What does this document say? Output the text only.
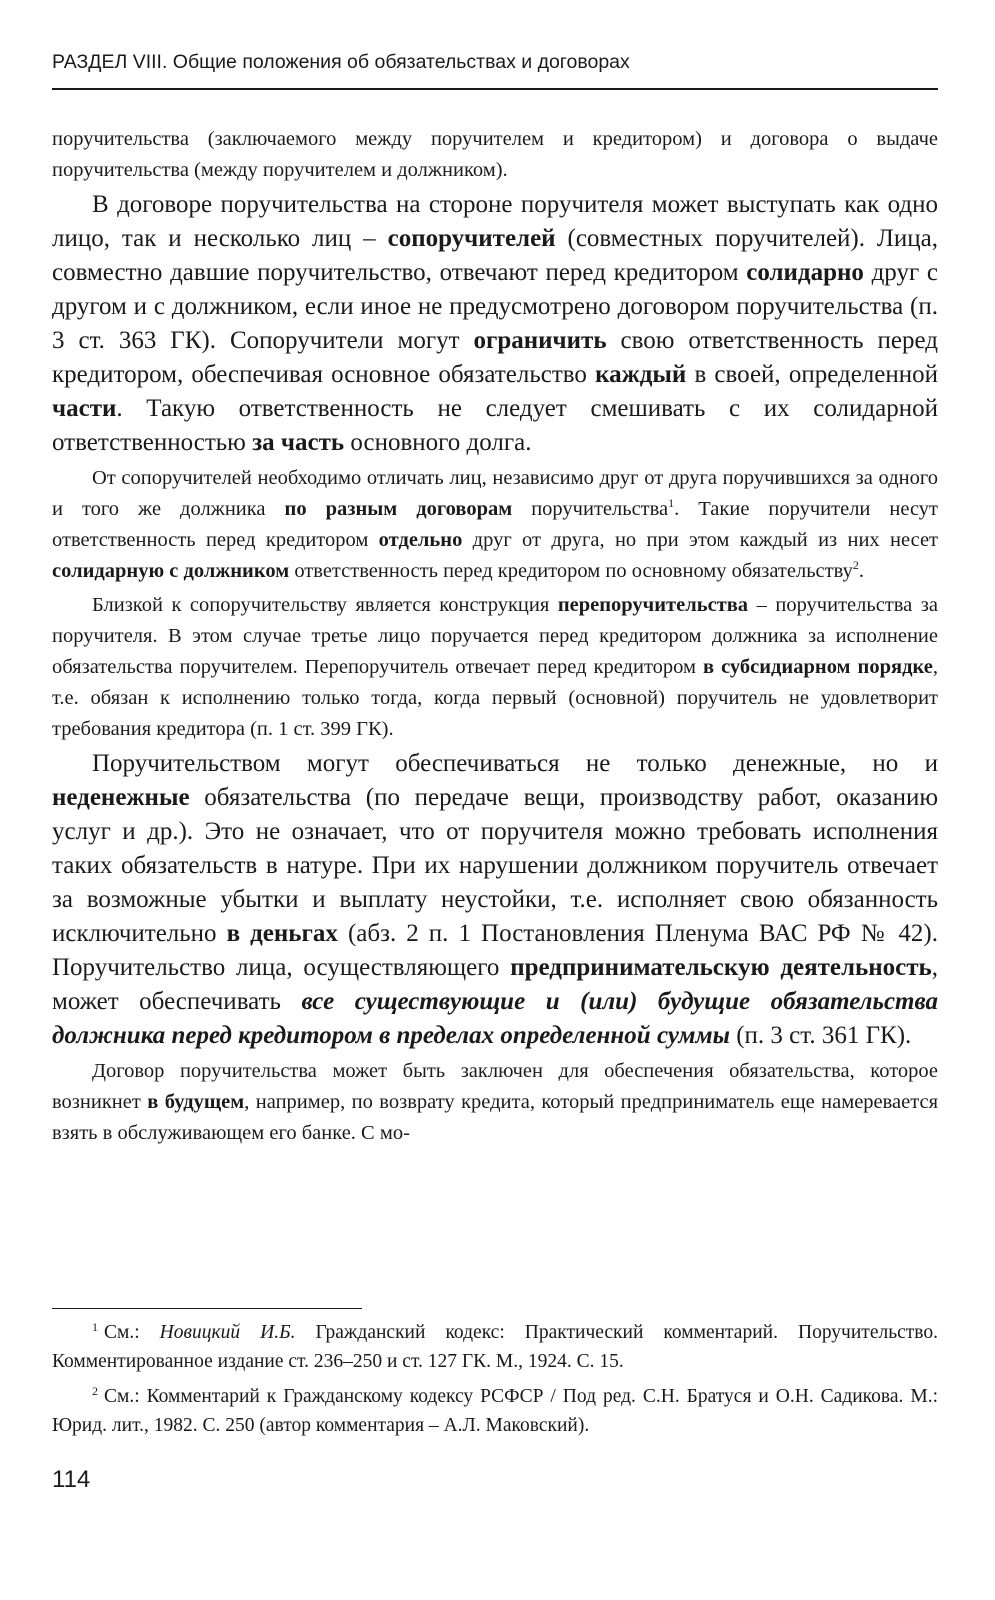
РАЗДЕЛ VIII. Общие положения об обязательствах и договорах

поручительства (заключаемого между поручителем и кредитором) и договора о выдаче поручительства (между поручителем и должником).

В договоре поручительства на стороне поручителя может выступать как одно лицо, так и несколько лиц – сопоручителей (совместных поручителей). Лица, совместно давшие поручительство, отвечают перед кредитором солидарно друг с другом и с должником, если иное не предусмотрено договором поручительства (п. 3 ст. 363 ГК). Сопоручители могут ограничить свою ответственность перед кредитором, обеспечивая основное обязательство каждый в своей, определенной части. Такую ответственность не следует смешивать с их солидарной ответственностью за часть основного долга.

От сопоручителей необходимо отличать лиц, независимо друг от друга поручившихся за одного и того же должника по разным договорам поручительства$^1$. Такие поручители несут ответственность перед кредитором отдельно друг от друга, но при этом каждый из них несет солидарную с должником ответственность перед кредитором по основному обязательству$^2$.

Близкой к сопоручительству является конструкция перепоручительства – поручительства за поручителя. В этом случае третье лицо поручается перед кредитором должника за исполнение обязательства поручителем. Перепоручитель отвечает перед кредитором в субсидиарном порядке, т.е. обязан к исполнению только тогда, когда первый (основной) поручитель не удовлетворит требования кредитора (п. 1 ст. 399 ГК).

Поручительством могут обеспечиваться не только денежные, но и неденежные обязательства (по передаче вещи, производству работ, оказанию услуг и др.). Это не означает, что от поручителя можно требовать исполнения таких обязательств в натуре. При их нарушении должником поручитель отвечает за возможные убытки и выплату неустойки, т.е. исполняет свою обязанность исключительно в деньгах (абз. 2 п. 1 Постановления Пленума ВАС РФ № 42). Поручительство лица, осуществляющего предпринимательскую деятельность, может обеспечивать все существующие и (или) будущие обязательства должника перед кредитором в пределах определенной суммы (п. 3 ст. 361 ГК).

Договор поручительства может быть заключен для обеспечения обязательства, которое возникнет в будущем, например, по возврату кредита, который предприниматель еще намеревается взять в обслуживающем его банке. С мо-

$^1$ См.: Новицкий И.Б. Гражданский кодекс: Практический комментарий. Поручительство. Комментированное издание ст. 236–250 и ст. 127 ГК. М., 1924. С. 15.

$^2$ См.: Комментарий к Гражданскому кодексу РСФСР / Под ред. С.Н. Братуся и О.Н. Садикова. М.: Юрид. лит., 1982. С. 250 (автор комментария – А.Л. Маковский).

114
